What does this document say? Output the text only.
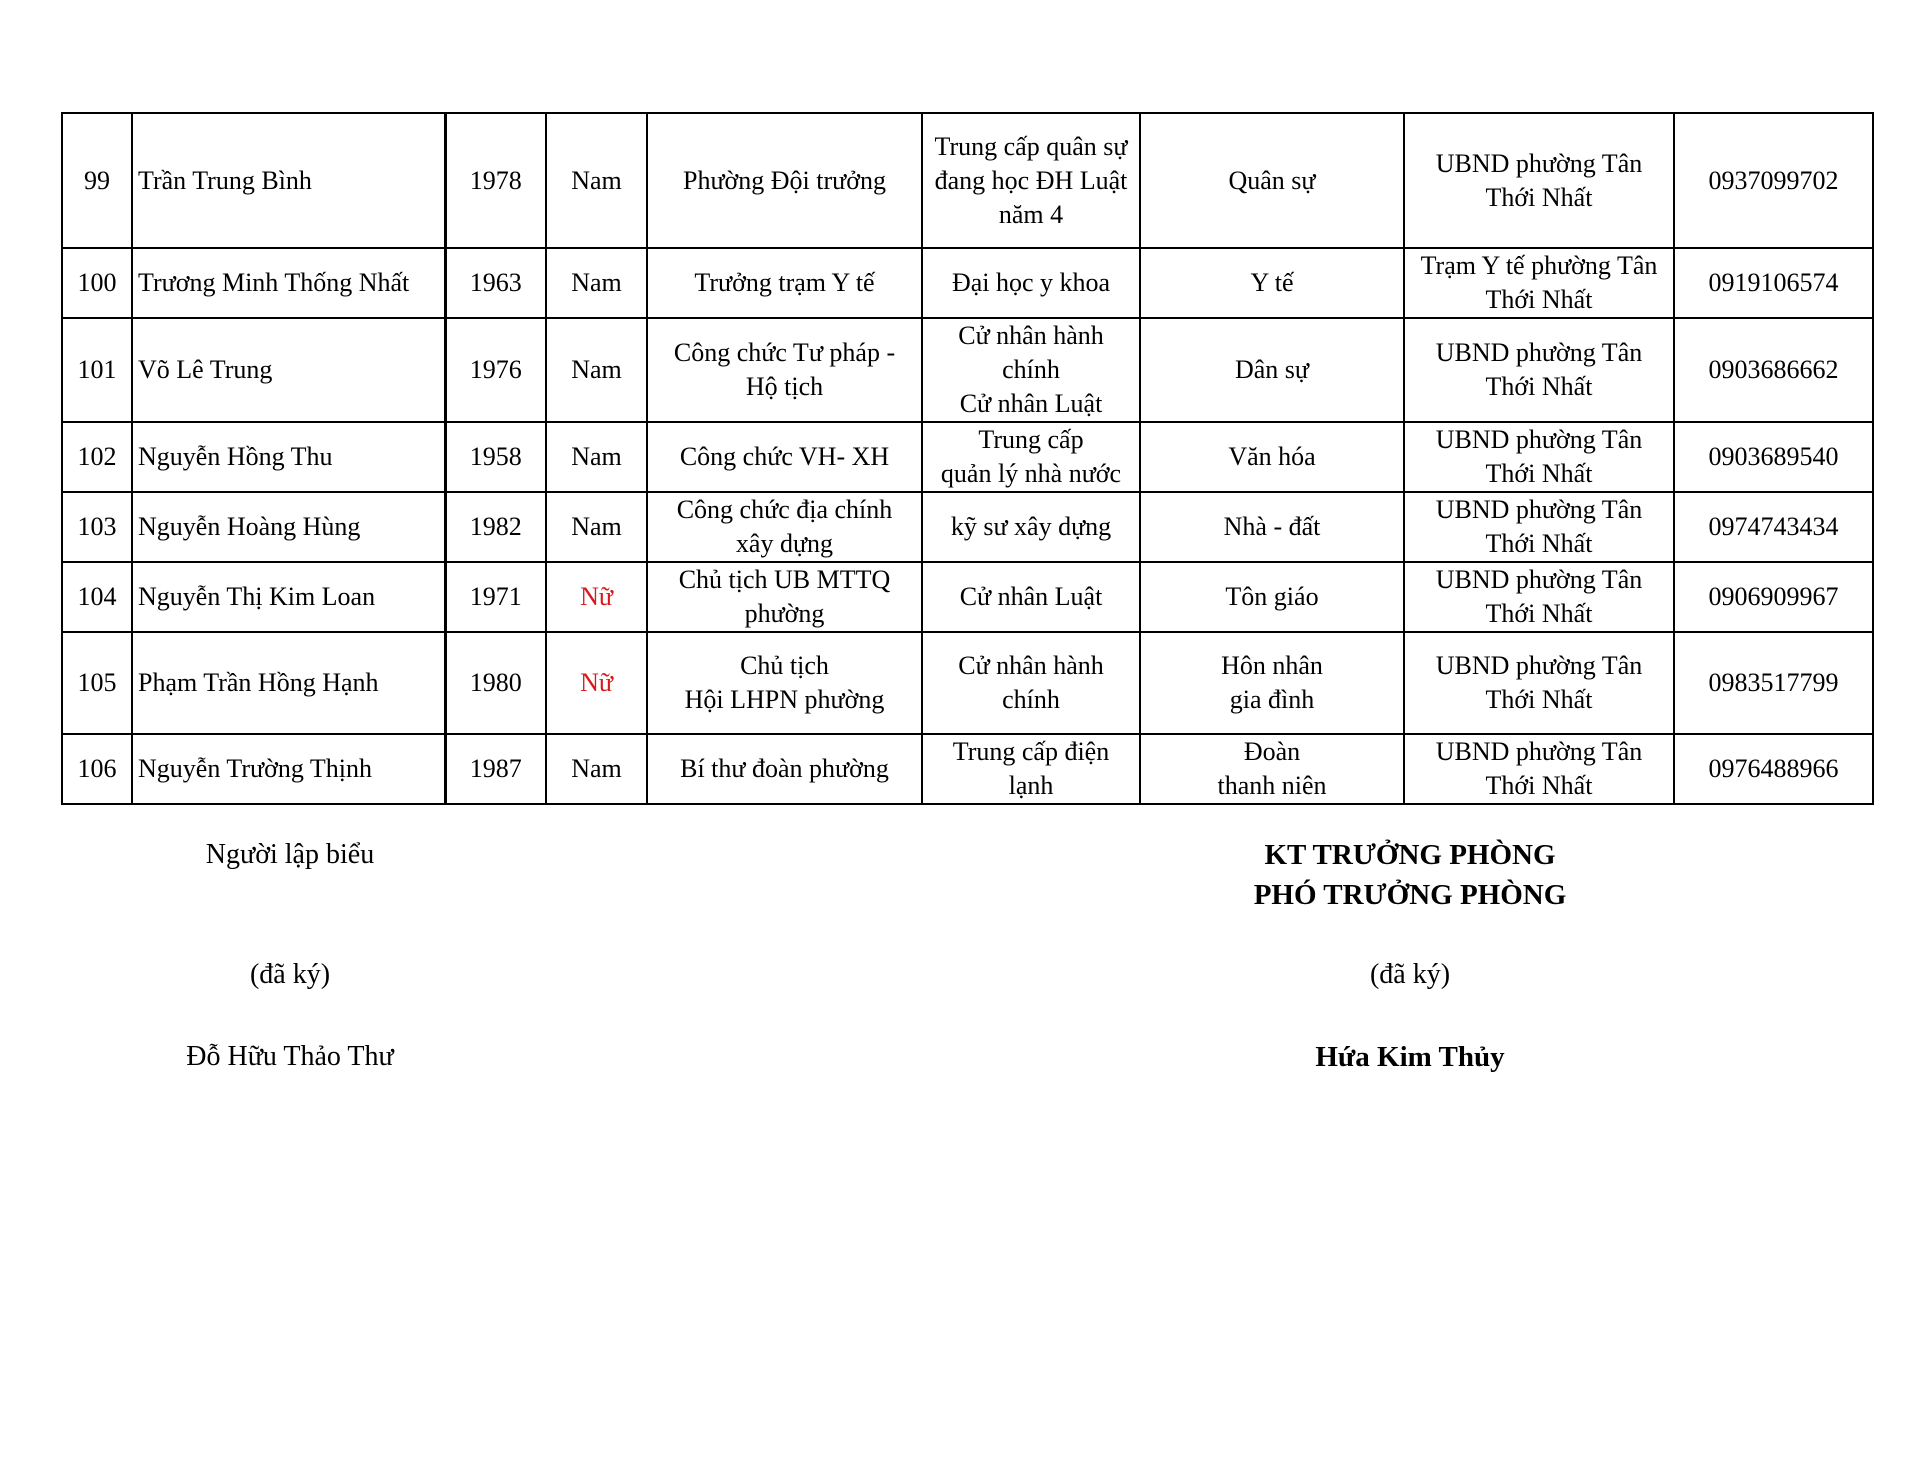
99	Trần Trung Bình	1978	Nam	Phường Đội trưởng	Trung cấp quân sự
đang học ĐH Luật
năm 4	Quân sự	UBND phường Tân
Thới Nhất	0937099702
100	Trương Minh Thống Nhất	1963	Nam	Trưởng trạm Y tế	Đại học y khoa	Y tế	Trạm Y tế phường Tân
Thới Nhất	0919106574
101	Võ Lê Trung	1976	Nam	Công chức Tư pháp -
Hộ tịch	Cử nhân hành
chính
Cử nhân Luật	Dân sự	UBND phường Tân
Thới Nhất	0903686662
102	Nguyễn Hồng Thu	1958	Nam	Công chức VH- XH	Trung cấp
quản lý nhà nước	Văn hóa	UBND phường Tân
Thới Nhất	0903689540
103	Nguyễn Hoàng Hùng	1982	Nam	Công chức địa chính
xây dựng	kỹ sư xây dựng	Nhà - đất	UBND phường Tân
Thới Nhất	0974743434
104	Nguyễn Thị Kim Loan	1971	Nữ	Chủ tịch UB MTTQ
phường	Cử nhân Luật	Tôn giáo	UBND phường Tân
Thới Nhất	0906909967
105	Phạm Trần Hồng Hạnh	1980	Nữ	Chủ tịch
Hội LHPN phường	Cử nhân hành
chính	Hôn nhân
gia đình	UBND phường Tân
Thới Nhất	0983517799
106	Nguyễn Trường Thịnh	1987	Nam	Bí thư đoàn phường	Trung cấp điện
lạnh	Đoàn
thanh niên	UBND phường Tân
Thới Nhất	0976488966
Người lập biểu
(đã ký)
Đỗ Hữu Thảo Thư
KT TRƯỞNG PHÒNG
PHÓ TRƯỞNG PHÒNG
(đã ký)
Hứa Kim Thủy
